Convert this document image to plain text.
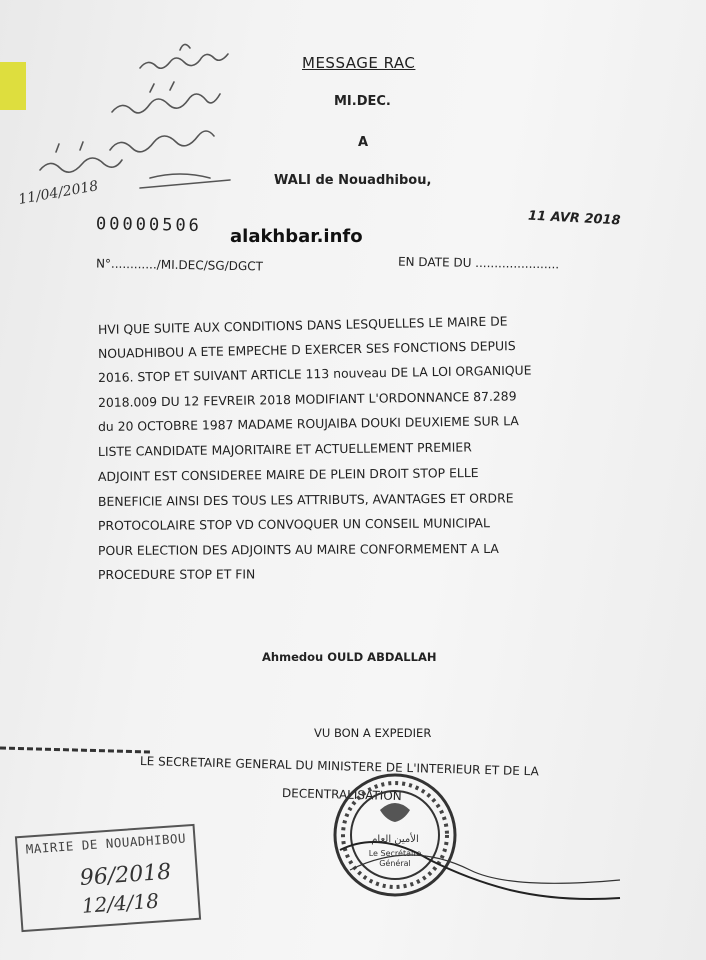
11/04/2018
MESSAGE RAC
MI.DEC.
A
WALI de Nouadhibou,
00000506	11 AVR 2018
alakhbar.info
N°............/MI.DEC/SG/DGCT	EN DATE DU ......................
HVI QUE SUITE AUX CONDITIONS DANS LESQUELLES LE MAIRE DE
NOUADHIBOU A ETE EMPECHE D EXERCER SES FONCTIONS DEPUIS
2016. STOP ET SUIVANT ARTICLE 113 nouveau DE LA LOI ORGANIQUE
2018.009 DU 12 FEVREIR 2018 MODIFIANT L'ORDONNANCE 87.289
du 20 OCTOBRE 1987 MADAME ROUJAIBA DOUKI DEUXIEME SUR LA
LISTE CANDIDATE MAJORITAIRE ET ACTUELLEMENT PREMIER
ADJOINT EST CONSIDEREE MAIRE DE PLEIN DROIT STOP ELLE
BENEFICIE AINSI DES TOUS LES ATTRIBUTS, AVANTAGES ET ORDRE
PROTOCOLAIRE STOP VD CONVOQUER UN CONSEIL MUNICIPAL
POUR ELECTION DES ADJOINTS AU MAIRE CONFORMEMENT A LA
PROCEDURE STOP ET FIN
Ahmedou OULD ABDALLAH
VU BON A EXPEDIER
LE SECRETAIRE GENERAL DU MINISTERE DE L'INTERIEUR ET DE LA
DECENTRALISATION
الأمين العام
Le Secrétaire
Général
MAIRIE DE NOUADHIBOU
96/2018
12/4/18
